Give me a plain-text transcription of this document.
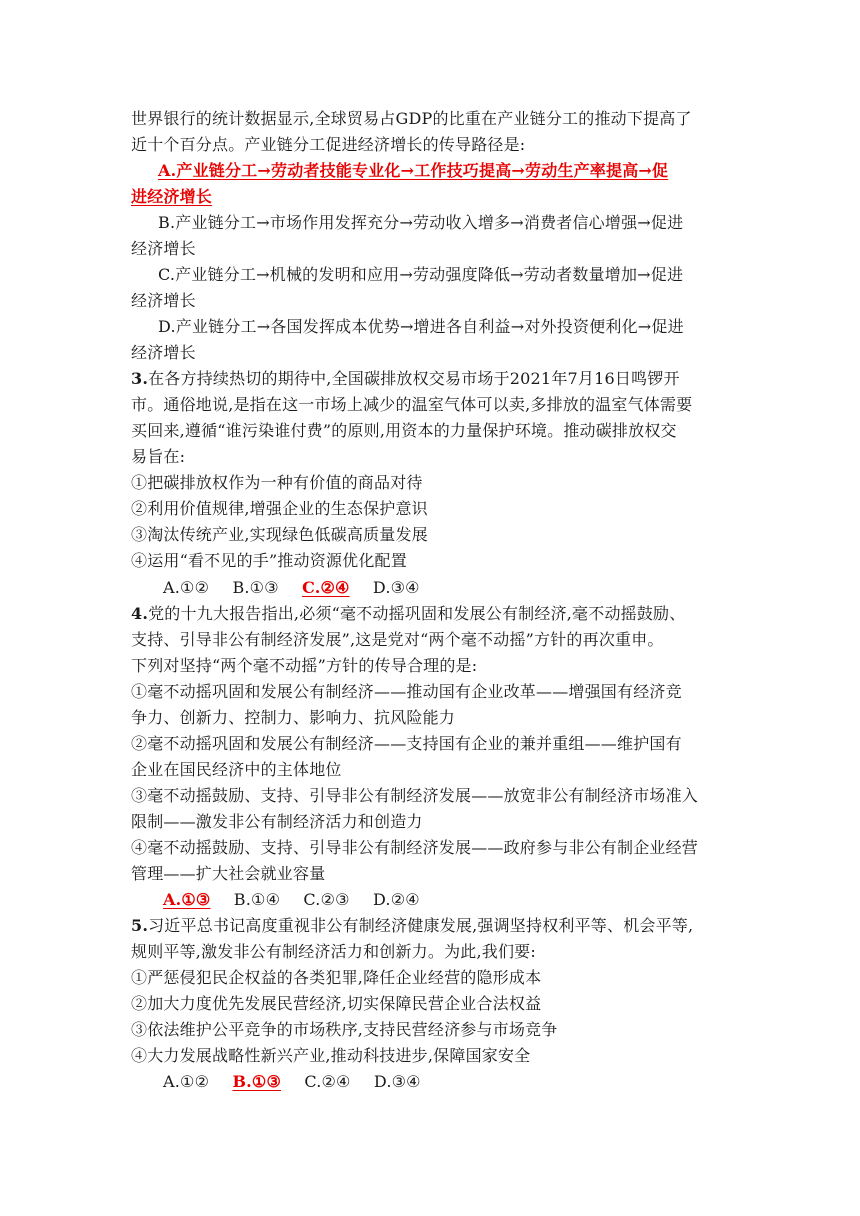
世界银行的统计数据显示,全球贸易占GDP的比重在产业链分工的推动下提高了
近十个百分点。产业链分工促进经济增长的传导路径是:
A.产业链分工→劳动者技能专业化→工作技巧提高→劳动生产率提高→促
进经济增长
B.产业链分工→市场作用发挥充分→劳动收入增多→消费者信心增强→促进
经济增长
C.产业链分工→机械的发明和应用→劳动强度降低→劳动者数量增加→促进
经济增长
D.产业链分工→各国发挥成本优势→增进各自利益→对外投资便利化→促进
经济增长
3.在各方持续热切的期待中,全国碳排放权交易市场于2021年7月16日鸣锣开
市。通俗地说,是指在这一市场上减少的温室气体可以卖,多排放的温室气体需要
买回来,遵循“谁污染谁付费”的原则,用资本的力量保护环境。推动碳排放权交
易旨在:
①把碳排放权作为一种有价值的商品对待
②利用价值规律,增强企业的生态保护意识
③淘汰传统产业,实现绿色低碳高质量发展
④运用“看不见的手”推动资源优化配置
A.①② B.①③ C.②④ D.③④
4.党的十九大报告指出,必须“毫不动摇巩固和发展公有制经济,毫不动摇鼓励、
支持、引导非公有制经济发展”,这是党对“两个毫不动摇”方针的再次重申。
下列对坚持“两个毫不动摇”方针的传导合理的是:
①毫不动摇巩固和发展公有制经济——推动国有企业改革——增强国有经济竞
争力、创新力、控制力、影响力、抗风险能力
②毫不动摇巩固和发展公有制经济——支持国有企业的兼并重组——维护国有
企业在国民经济中的主体地位
③毫不动摇鼓励、支持、引导非公有制经济发展——放宽非公有制经济市场准入
限制——激发非公有制经济活力和创造力
④毫不动摇鼓励、支持、引导非公有制经济发展——政府参与非公有制企业经营
管理——扩大社会就业容量
A.①③ B.①④ C.②③ D.②④
5.习近平总书记高度重视非公有制经济健康发展,强调坚持权利平等、机会平等,
规则平等,激发非公有制经济活力和创新力。为此,我们要:
①严惩侵犯民企权益的各类犯罪,降任企业经营的隐形成本
②加大力度优先发展民营经济,切实保障民营企业合法权益
③依法维护公平竞争的市场秩序,支持民营经济参与市场竞争
④大力发展战略性新兴产业,推动科技进步,保障国家安全
A.①② B.①③ C.②④ D.③④
